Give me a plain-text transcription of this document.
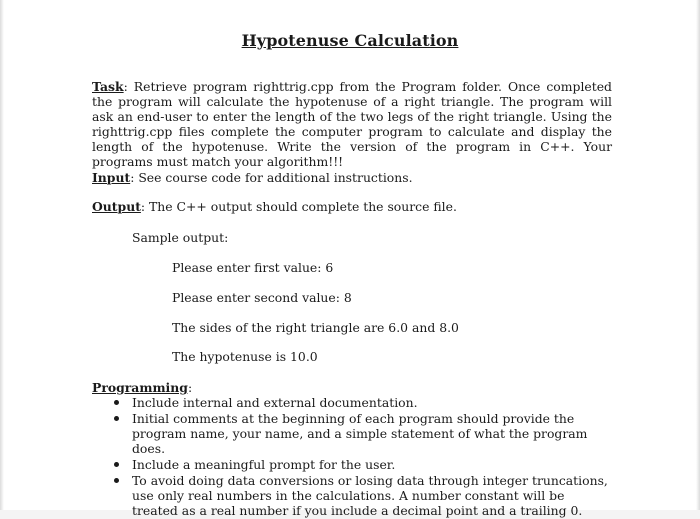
Hypotenuse Calculation
Task: Retrieve program righttrig.cpp from the Program folder. Once completed the program will calculate the hypotenuse of a right triangle. The program will ask an end-user to enter the length of the two legs of the right triangle. Using the righttrig.cpp files complete the computer program to calculate and display the length of the hypotenuse. Write the version of the program in C++. Your programs must match your algorithm!!!
Input: See course code for additional instructions.
Output: The C++ output should complete the source file.
Sample output:
Please enter first value: 6
Please enter second value: 8
The sides of the right triangle are 6.0 and 8.0
The hypotenuse is 10.0
Programming:
Include internal and external documentation.
Initial comments at the beginning of each program should provide the program name, your name, and a simple statement of what the program does.
Include a meaningful prompt for the user.
To avoid doing data conversions or losing data through integer truncations, use only real numbers in the calculations. A number constant will be treated as a real number if you include a decimal point and a trailing 0.
